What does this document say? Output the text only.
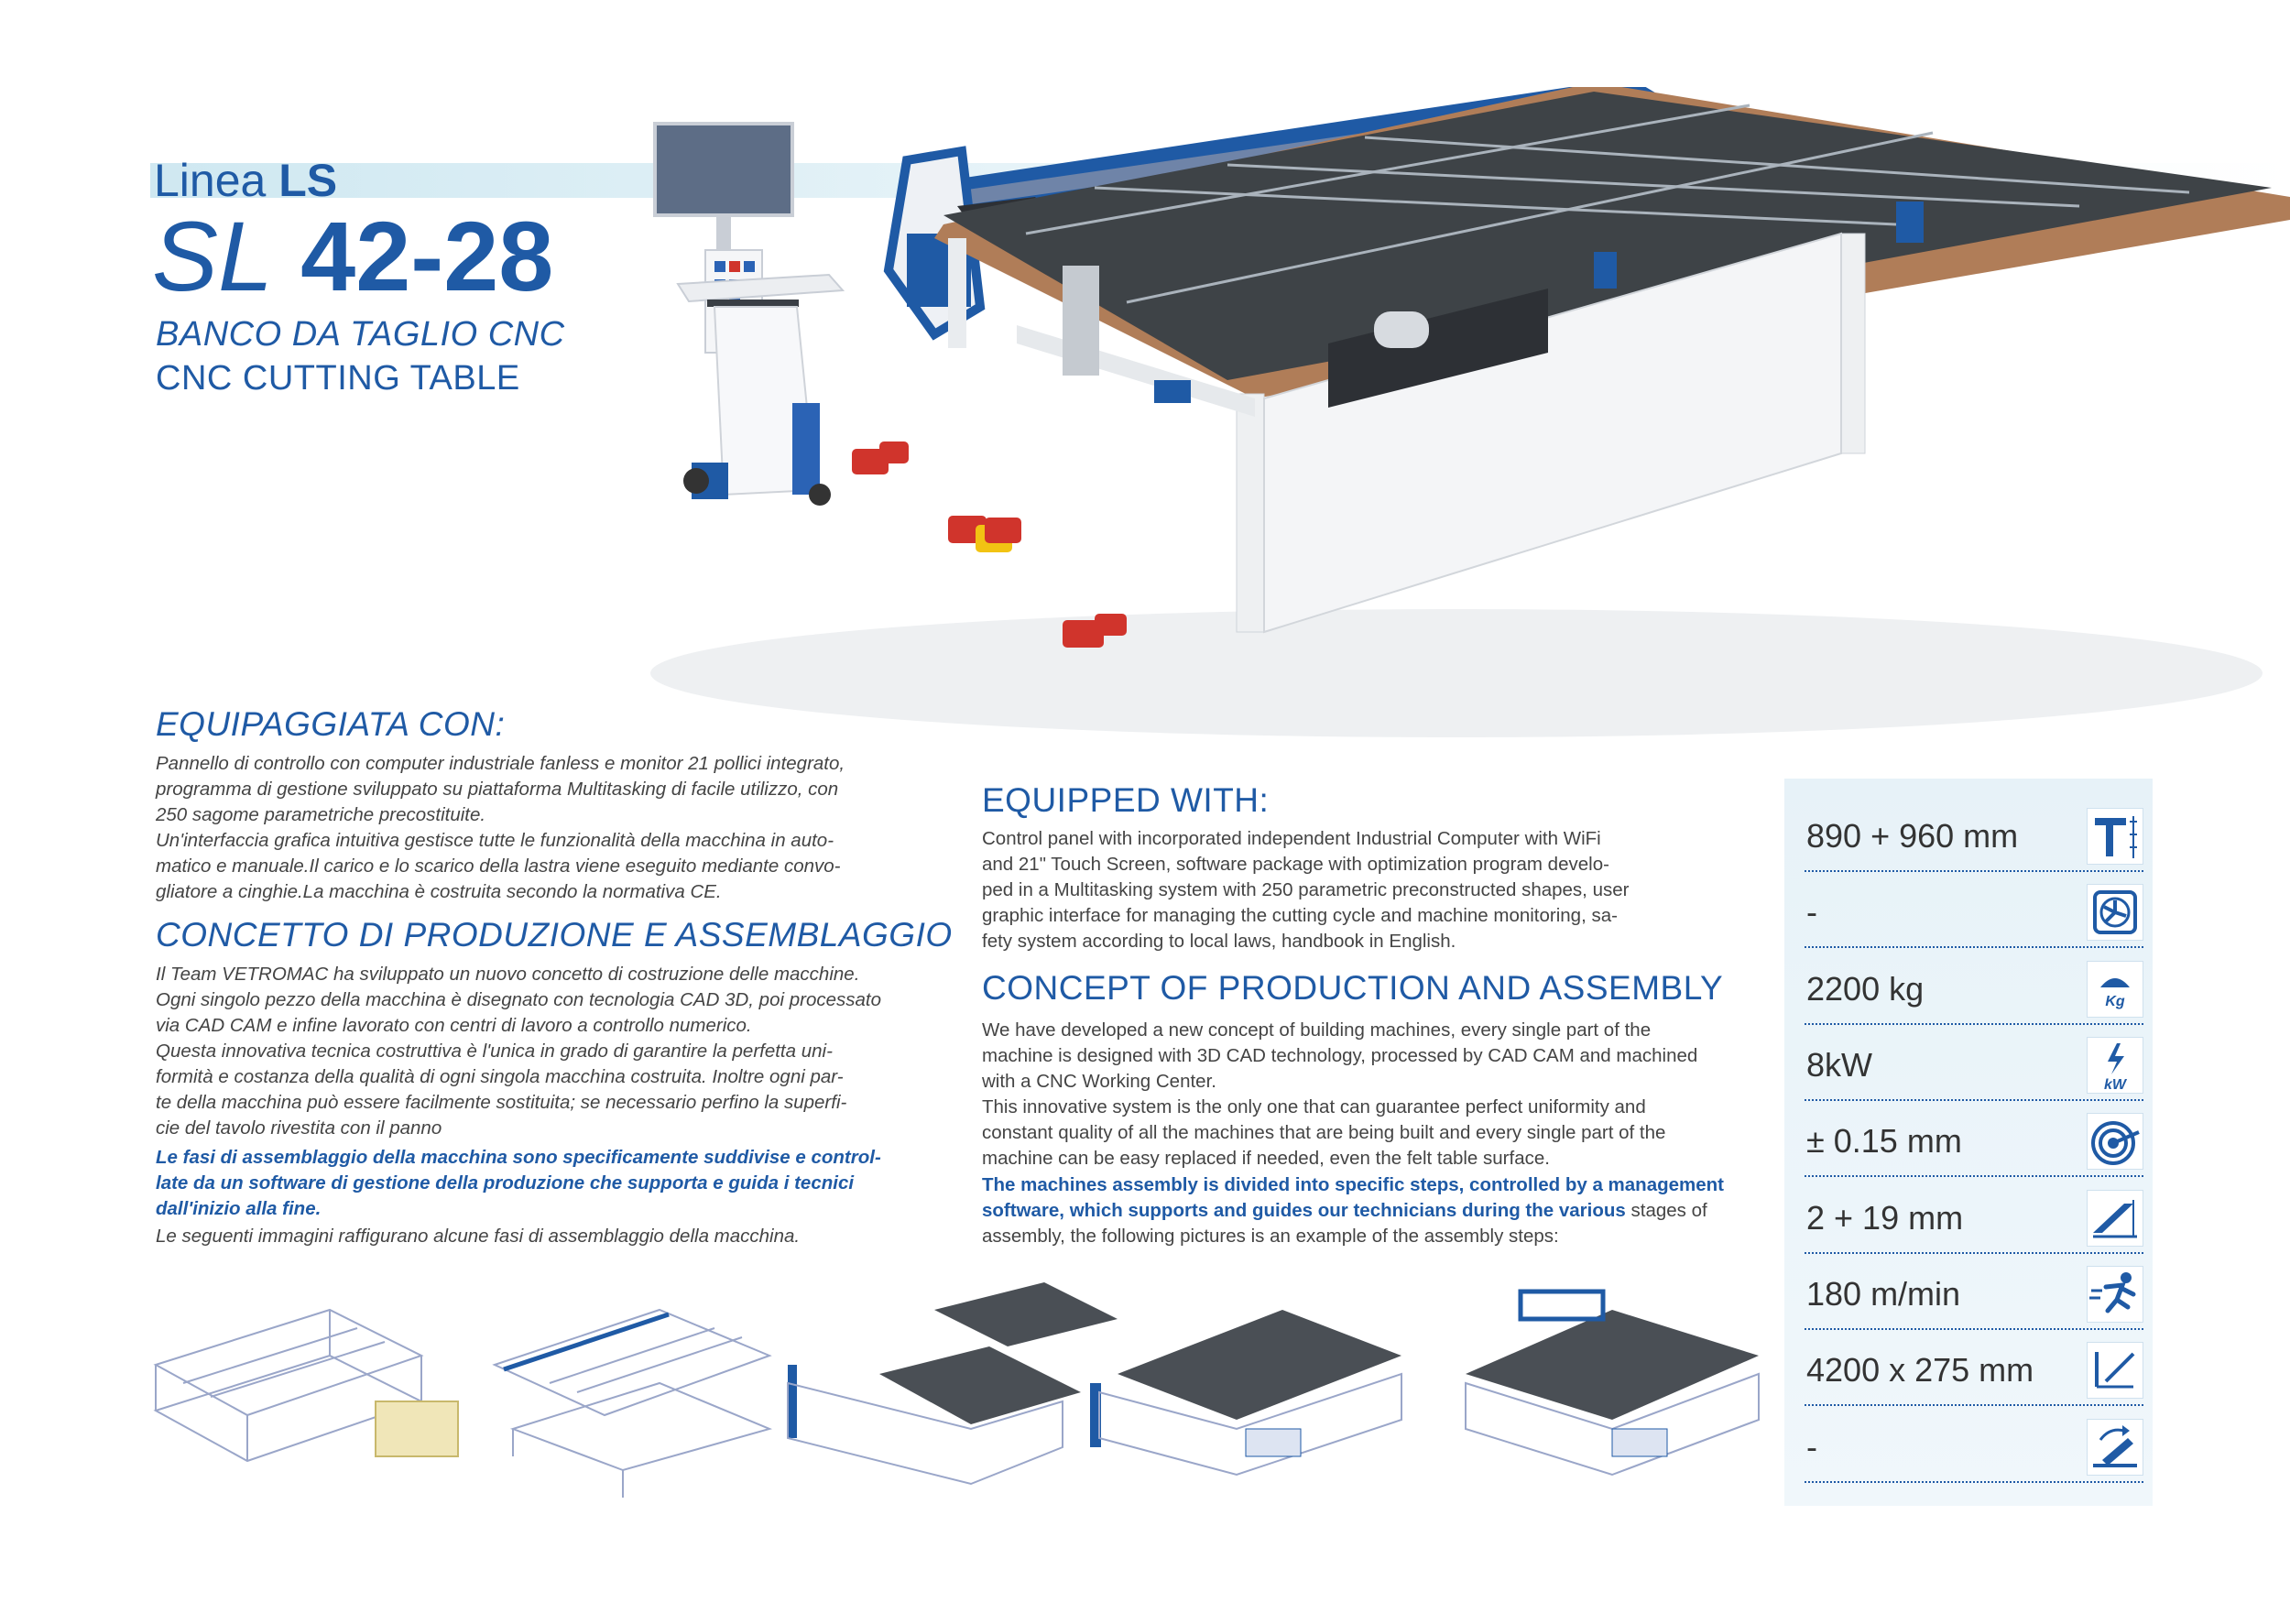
Linea LS
SL 42-28
BANCO DA TAGLIO CNC
CNC CUTTING TABLE
EQUIPAGGIATA CON:
Pannello di controllo con computer industriale fanless e monitor 21 pollici integrato,
programma di gestione sviluppato su piattaforma Multitasking di facile utilizzo, con
250 sagome parametriche precostituite.
Un'interfaccia grafica intuitiva gestisce tutte le funzionalità della macchina in auto-
matico e manuale.Il carico e lo scarico della lastra viene eseguito mediante convo-
gliatore a cinghie.La macchina è costruita secondo la normativa CE.
CONCETTO DI PRODUZIONE E ASSEMBLAGGIO
Il Team VETROMAC ha sviluppato un nuovo concetto di costruzione delle macchine.
Ogni singolo pezzo della macchina è disegnato con tecnologia CAD 3D, poi processato
via CAD CAM e infine lavorato con centri di lavoro a controllo numerico.
Questa innovativa tecnica costruttiva è l'unica in grado di garantire la perfetta uni-
formità e costanza della qualità di ogni singola macchina costruita. Inoltre ogni par-
te della macchina può essere facilmente sostituita; se necessario perfino la superfi-
cie del tavolo rivestita con il panno
Le fasi di assemblaggio della macchina sono specificamente suddivise e control-
late da un software di gestione della produzione che supporta e guida i tecnici
dall'inizio alla fine.
Le seguenti immagini raffigurano alcune fasi di assemblaggio della macchina.
EQUIPPED WITH:
Control panel with incorporated independent Industrial Computer with WiFi
and 21" Touch Screen, software package with optimization program develo-
ped in a Multitasking system with 250 parametric preconstructed shapes, user
graphic interface for managing the cutting cycle and machine monitoring, sa-
fety system according to local laws, handbook in English.
CONCEPT OF PRODUCTION AND ASSEMBLY
We have developed a new concept of building machines, every single part of the
machine is designed with 3D CAD technology, processed by CAD CAM and machined
with a CNC Working Center.
This innovative system is the only one that can guarantee perfect uniformity and
constant quality of all the machines that are being built and every single part of the
machine can be easy replaced if needed, even the felt table surface.
The machines assembly is divided into specific steps, controlled by a management
software, which supports and guides our technicians during the various stages of
assembly, the following pictures is an example of the assembly steps:
890 + 960 mm
-
2200 kg	Kg
8kW
kW
± 0.15 mm
2 + 19 mm
180 m/min
4200 x 275 mm
-
